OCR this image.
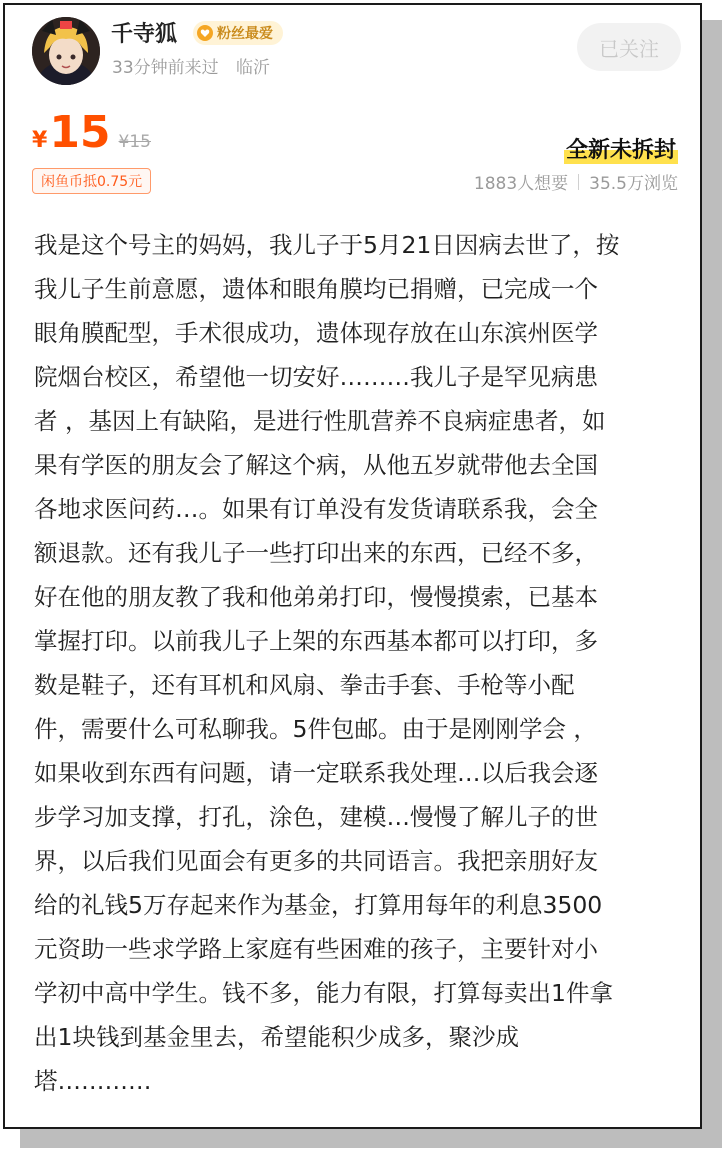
千寺狐	粉丝最爱
33分钟前来过 临沂
已关注
¥ 15 ¥15
闲鱼币抵0.75元
全新未拆封
1883人想要 35.5万浏览
我是这个号主的妈妈，我儿子于5月21日因病去世了，按
我儿子生前意愿，遗体和眼角膜均已捐赠，已完成一个
眼角膜配型，手术很成功，遗体现存放在山东滨州医学
院烟台校区，希望他一切安好………我儿子是罕见病患
者 ，基因上有缺陷，是进行性肌营养不良病症患者，如
果有学医的朋友会了解这个病，从他五岁就带他去全国
各地求医问药…。如果有订单没有发货请联系我，会全
额退款。还有我儿子一些打印出来的东西，已经不多，
好在他的朋友教了我和他弟弟打印，慢慢摸索，已基本
掌握打印。以前我儿子上架的东西基本都可以打印，多
数是鞋子，还有耳机和风扇、拳击手套、手枪等小配
件，需要什么可私聊我。5件包邮。由于是刚刚学会 ，
如果收到东西有问题，请一定联系我处理…以后我会逐
步学习加支撑，打孔，涂色，建模…慢慢了解儿子的世
界，以后我们见面会有更多的共同语言。我把亲朋好友
给的礼钱5万存起来作为基金，打算用每年的利息3500
元资助一些求学路上家庭有些困难的孩子，主要针对小
学初中高中学生。钱不多，能力有限，打算每卖出1件拿
出1块钱到基金里去，希望能积少成多，聚沙成
塔…………
